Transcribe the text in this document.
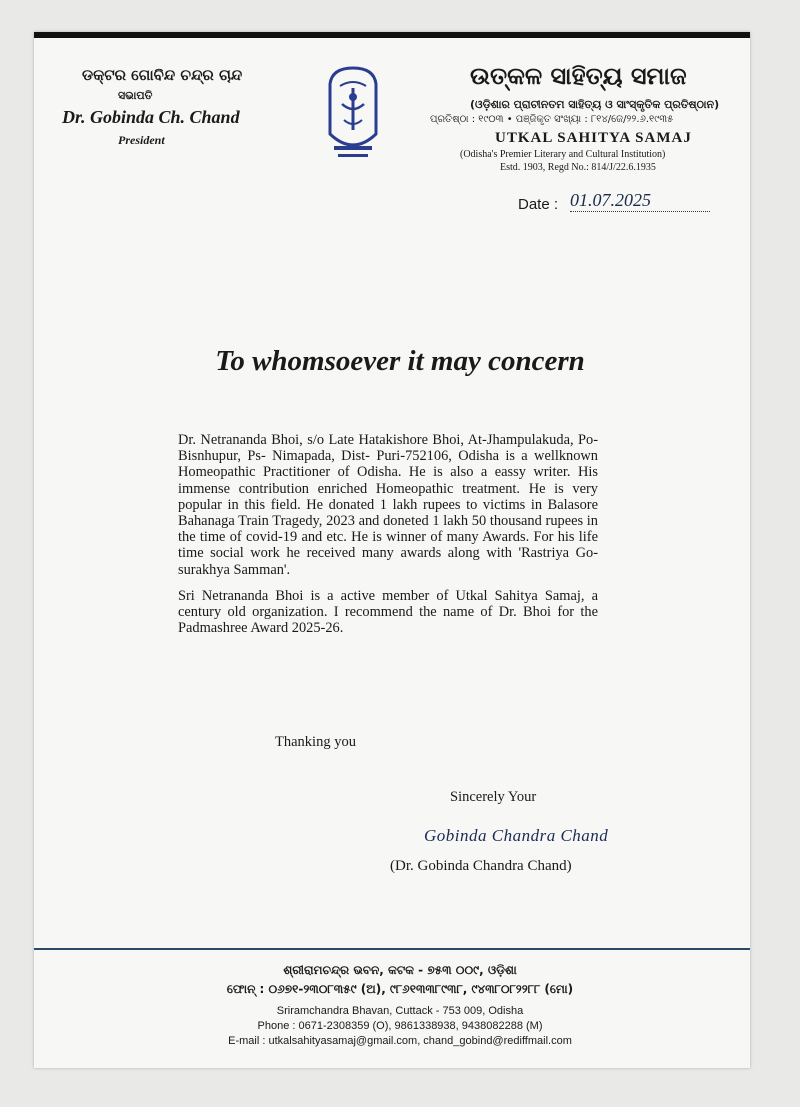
ଡକ୍ଟର ଗୋବିନ୍ଦ ଚନ୍ଦ୍ର ଚାନ୍ଦ
ସଭାପତି
Dr. Gobinda Ch. Chand
President
ଉତ୍କଳ ସାହିତ୍ୟ ସମାଜ
(ଓଡ଼ିଶାର ପ୍ରାଚୀନତମ ସାହିତ୍ୟ ଓ ସାଂସ୍କୃତିକ ପ୍ରତିଷ୍ଠାନ)
ପ୍ରତିଷ୍ଠା : ୧୯୦୩ • ପଞ୍ଜିକୃତ ସଂଖ୍ୟା : ୮୧୪/ଜେ/୨୨.୬.୧୯୩୫
UTKAL SAHITYA SAMAJ
(Odisha's Premier Literary and Cultural Institution)
Estd. 1903, Regd No.: 814/J/22.6.1935
Date : 01.07.2025
To whomsoever it may concern

Dr. Netrananda Bhoi, s/o Late Hatakishore Bhoi, At-Jhampulakuda, Po- Bisnhupur, Ps- Nimapada, Dist- Puri-752106, Odisha is a wellknown Homeopathic Practitioner of Odisha. He is also a eassy writer. His immense contribution enriched Homeopathic treatment. He is very popular in this field. He donated 1 lakh rupees to victims in Balasore Bahanaga Train Tragedy, 2023 and doneted 1 lakh 50 thousand rupees in the time of covid-19 and etc. He is winner of many Awards. For his life time social work he received many awards along with 'Rastriya Go-surakhya Samman'.

Sri Netrananda Bhoi is a active member of Utkal Sahitya Samaj, a century old organization. I recommend the name of Dr. Bhoi for the Padmashree Award 2025-26.

Thanking you
Sincerely Your
Gobinda Chandra Chand
(Dr. Gobinda Chandra Chand)
ଶ୍ରୀରାମଚନ୍ଦ୍ର ଭବନ, କଟକ - ୭୫୩ ୦୦୯, ଓଡ଼ିଶା
ଫୋନ୍ : ୦୬୭୧-୨୩୦୮୩୫୯ (ଅ), ୯୮୬୧୩୩୮୯୩୮, ୯୪୩୮୦୮୨୨୮୮ (ମୋ)
Sriramchandra Bhavan, Cuttack - 753 009, Odisha
Phone : 0671-2308359 (O), 9861338938, 9438082288 (M)
E-mail : utkalsahityasamaj@gmail.com, chand_gobind@rediffmail.com
